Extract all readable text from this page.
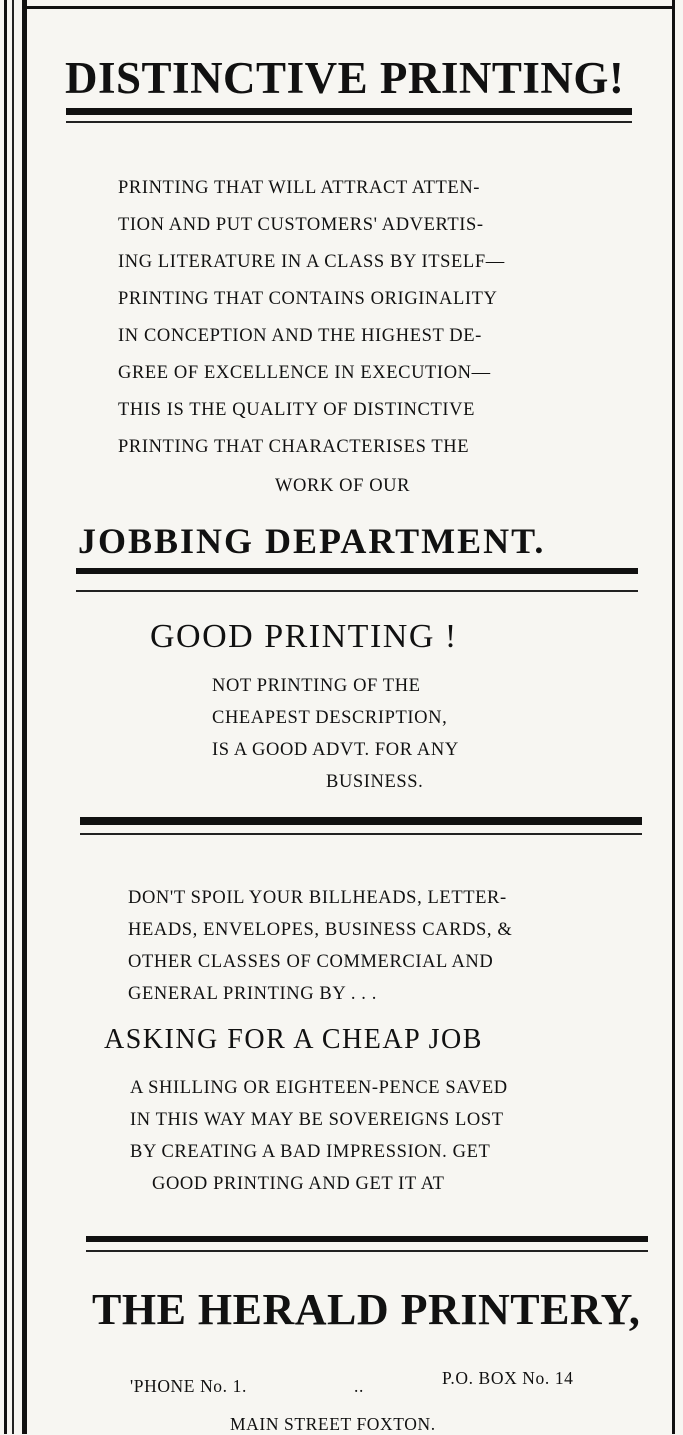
DISTINCTIVE PRINTING!
PRINTING THAT WILL ATTRACT ATTEN-
TION AND PUT CUSTOMERS' ADVERTIS-
ING LITERATURE IN A CLASS BY ITSELF—
PRINTING THAT CONTAINS ORIGINALITY
IN CONCEPTION AND THE HIGHEST DE-
GREE OF EXCELLENCE IN EXECUTION—
THIS IS THE QUALITY OF DISTINCTIVE
PRINTING THAT CHARACTERISES THE
WORK OF OUR
JOBBING DEPARTMENT.
GOOD PRINTING !
NOT PRINTING OF THE
CHEAPEST DESCRIPTION,
IS A GOOD ADVT. FOR ANY
BUSINESS.
DON'T SPOIL YOUR BILLHEADS, LETTER-
HEADS, ENVELOPES, BUSINESS CARDS, &
OTHER CLASSES OF COMMERCIAL AND
GENERAL PRINTING BY . . .
ASKING FOR A CHEAP JOB
A SHILLING OR EIGHTEEN-PENCE SAVED
IN THIS WAY MAY BE SOVEREIGNS LOST
BY CREATING A BAD IMPRESSION. GET
GOOD PRINTING AND GET IT AT
THE HERALD PRINTERY,
'PHONE No. 1.	..	P.O. BOX No. 14
MAIN STREET FOXTON.
